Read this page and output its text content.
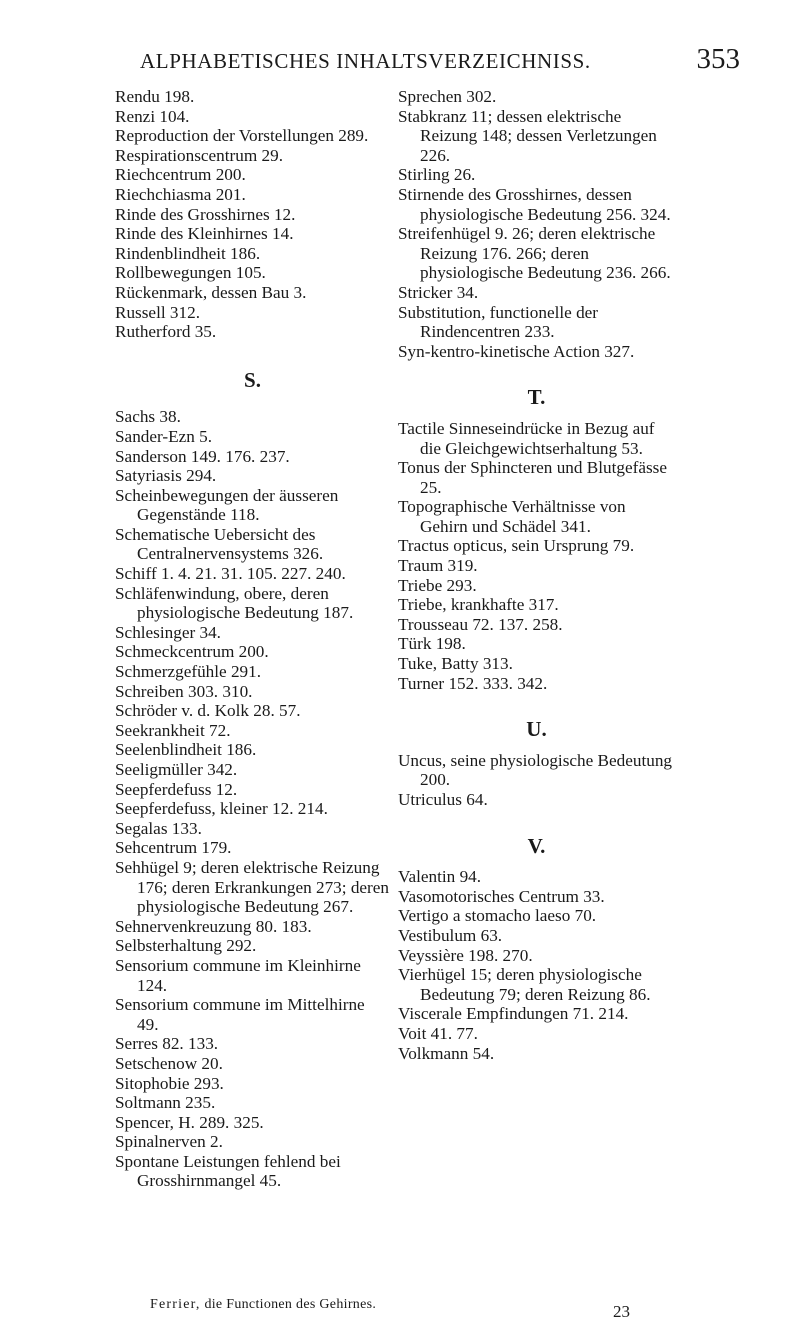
ALPHABETISCHES INHALTSVERZEICHNISS.	353

Rendu 198.

Renzi 104.

Reproduction der Vorstellungen 289.

Respirationscentrum 29.

Riechcentrum 200.

Riechchiasma 201.

Rinde des Grosshirnes 12.

Rinde des Kleinhirnes 14.

Rindenblindheit 186.

Rollbewegungen 105.

Rückenmark, dessen Bau 3.

Russell 312.

Rutherford 35.

S.

Sachs 38.

Sander-Ezn 5.

Sanderson 149. 176. 237.

Satyriasis 294.

Scheinbewegungen der äusseren Gegenstände 118.

Schematische Uebersicht des Centralnervensystems 326.

Schiff 1. 4. 21. 31. 105. 227. 240.

Schläfenwindung, obere, deren physiologische Bedeutung 187.

Schlesinger 34.

Schmeckcentrum 200.

Schmerzgefühle 291.

Schreiben 303. 310.

Schröder v. d. Kolk 28. 57.

Seekrankheit 72.

Seelenblindheit 186.

Seeligmüller 342.

Seepferdefuss 12.

Seepferdefuss, kleiner 12. 214.

Segalas 133.

Sehcentrum 179.

Sehhügel 9; deren elektrische Reizung 176; deren Erkrankungen 273; deren physiologische Bedeutung 267.

Sehnervenkreuzung 80. 183.

Selbsterhaltung 292.

Sensorium commune im Kleinhirne 124.

Sensorium commune im Mittelhirne 49.

Serres 82. 133.

Setschenow 20.

Sitophobie 293.

Soltmann 235.

Spencer, H. 289. 325.

Spinalnerven 2.

Spontane Leistungen fehlend bei Grosshirnmangel 45.

Sprechen 302.

Stabkranz 11; dessen elektrische Reizung 148; dessen Verletzungen 226.

Stirling 26.

Stirnende des Grosshirnes, dessen physiologische Bedeutung 256. 324.

Streifenhügel 9. 26; deren elektrische Reizung 176. 266; deren physiologische Bedeutung 236. 266.

Stricker 34.

Substitution, functionelle der Rindencentren 233.

Syn-kentro-kinetische Action 327.

T.

Tactile Sinneseindrücke in Bezug auf die Gleichgewichtserhaltung 53.

Tonus der Sphincteren und Blutgefässe 25.

Topographische Verhältnisse von Gehirn und Schädel 341.

Tractus opticus, sein Ursprung 79.

Traum 319.

Triebe 293.

Triebe, krankhafte 317.

Trousseau 72. 137. 258.

Türk 198.

Tuke, Batty 313.

Turner 152. 333. 342.

U.

Uncus, seine physiologische Bedeutung 200.

Utriculus 64.

V.

Valentin 94.

Vasomotorisches Centrum 33.

Vertigo a stomacho laeso 70.

Vestibulum 63.

Veyssière 198. 270.

Vierhügel 15; deren physiologische Bedeutung 79; deren Reizung 86.

Viscerale Empfindungen 71. 214.

Voit 41. 77.

Volkmann 54.

Ferrier, die Functionen des Gehirnes.	23
